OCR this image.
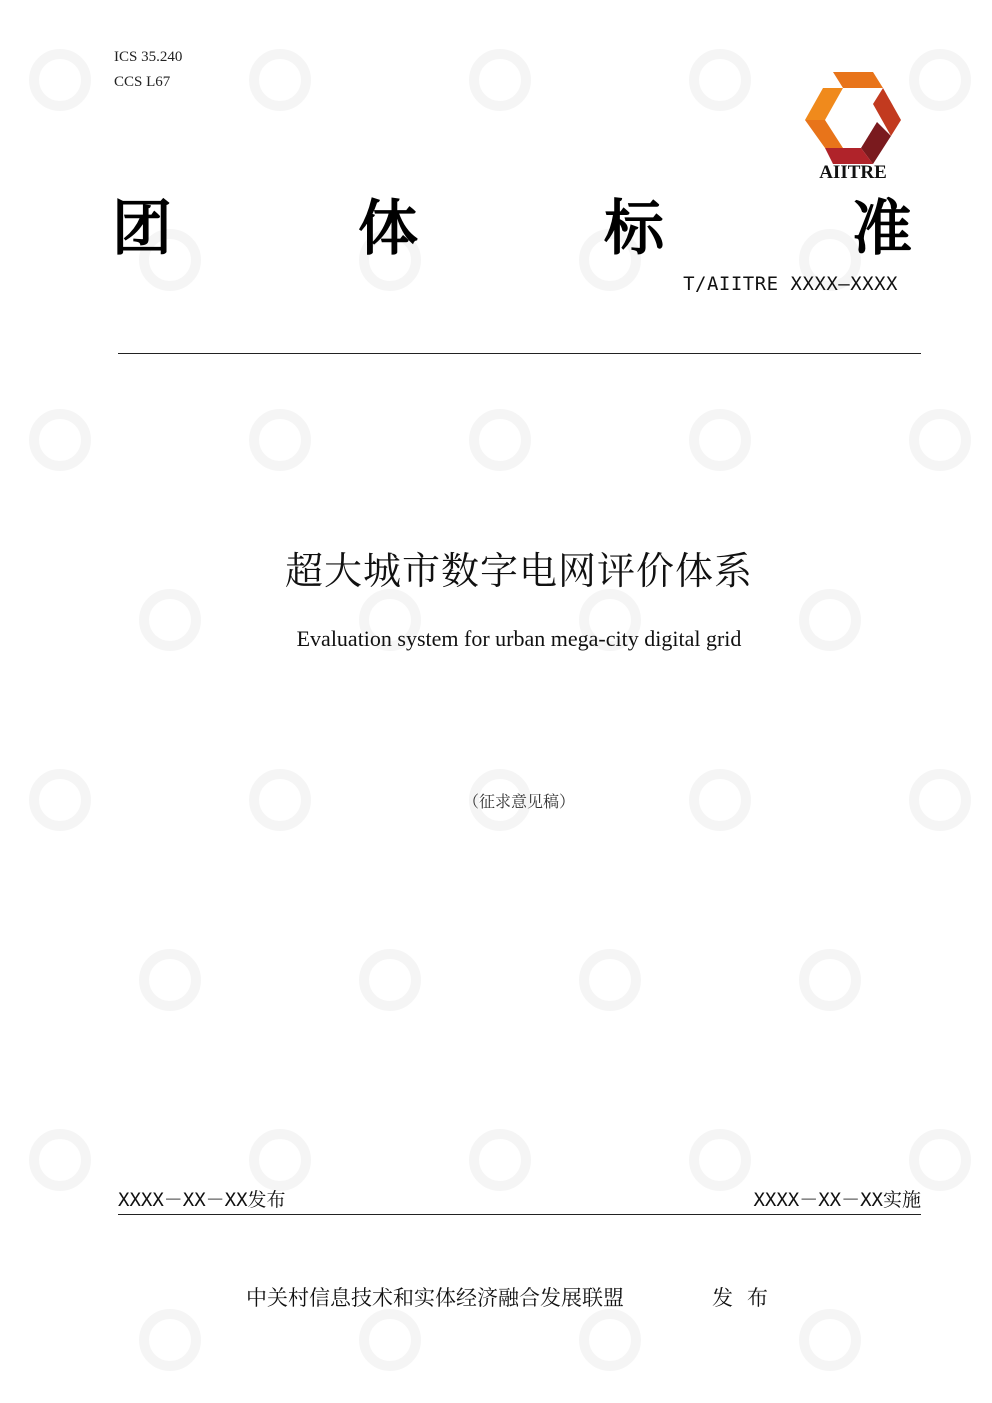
ICS 35.240
CCS L67
AIITRE
团	体	标	准
T/AIITRE XXXX—XXXX
超大城市数字电网评价体系
Evaluation system for urban mega-city digital grid
（征求意见稿）
XXXX－XX－XX发布	XXXX－XX－XX实施
中关村信息技术和实体经济融合发展联盟	发布
